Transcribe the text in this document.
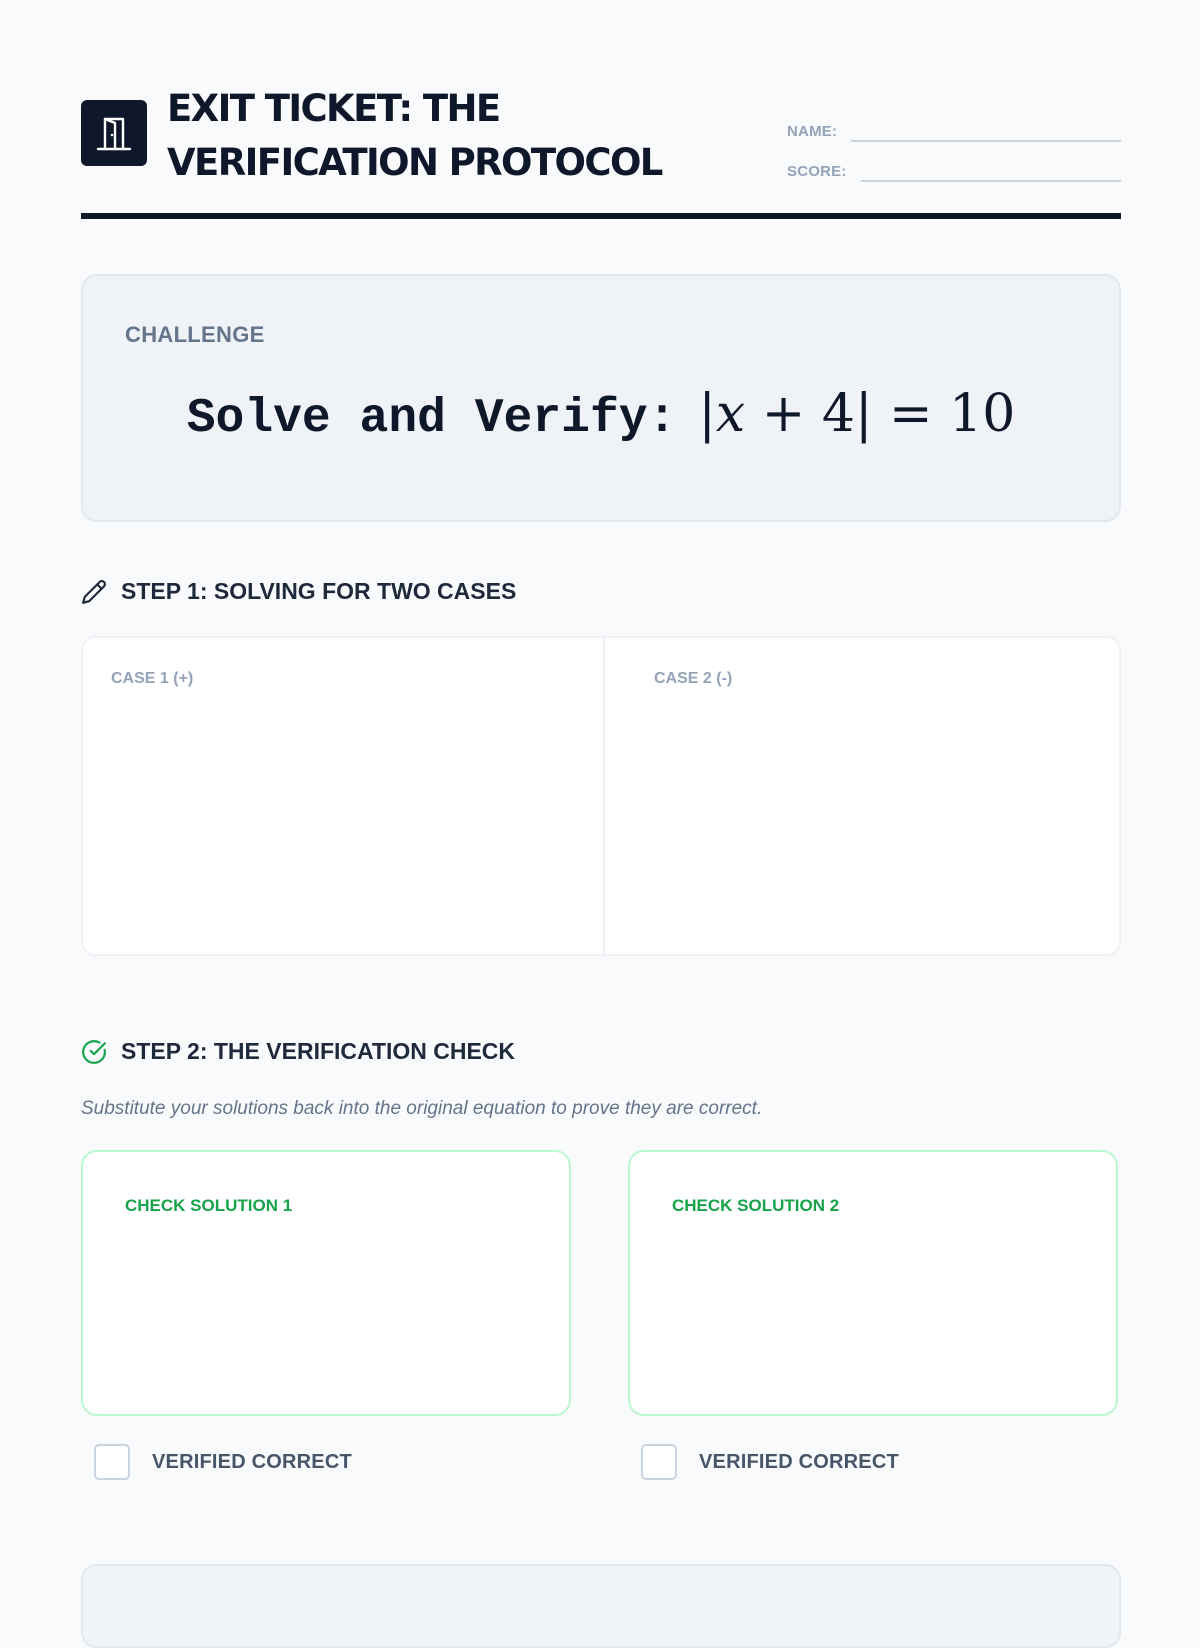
EXIT TICKET: THE VERIFICATION PROTOCOL
NAME:
SCORE:
CHALLENGE
Solve and Verify: |x + 4| = 10
STEP 1: SOLVING FOR TWO CASES
CASE 1 (+)	CASE 2 (-)
STEP 2: THE VERIFICATION CHECK
Substitute your solutions back into the original equation to prove they are correct.
CHECK SOLUTION 1	CHECK SOLUTION 2
VERIFIED CORRECT	VERIFIED CORRECT
